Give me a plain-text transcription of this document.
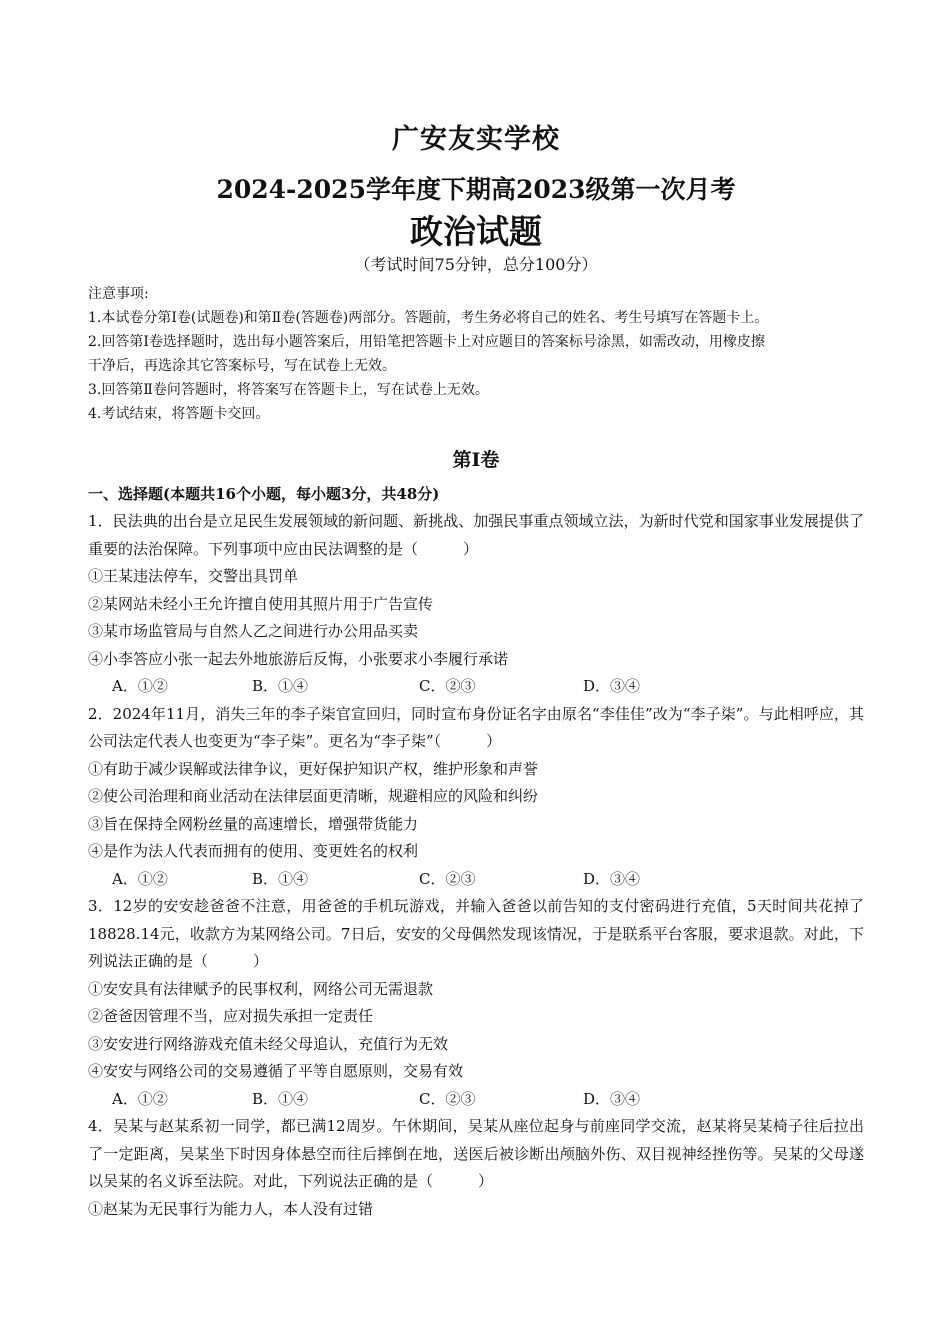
广安友实学校
2024-2025学年度下期高2023级第一次月考
政治试题
（考试时间75分钟，总分100分）
注意事项:
1.本试卷分第Ⅰ卷(试题卷)和第Ⅱ卷(答题卷)两部分。答题前，考生务必将自己的姓名、考生号填写在答题卡上。
2.回答第Ⅰ卷选择题时，选出每小题答案后，用铅笔把答题卡上对应题目的答案标号涂黑，如需改动，用橡皮擦
干净后，再选涂其它答案标号，写在试卷上无效。
3.回答第Ⅱ卷问答题时，将答案写在答题卡上，写在试卷上无效。
4.考试结束，将答题卡交回。
第Ⅰ卷
一、选择题(本题共16个小题，每小题3分，共48分)
1．民法典的出台是立足民生发展领域的新问题、新挑战、加强民事重点领域立法，为新时代党和国家事业发展提供了重要的法治保障。下列事项中应由民法调整的是（　　　）
①王某违法停车，交警出具罚单
②某网站未经小王允许擅自使用其照片用于广告宣传
③某市场监管局与自然人乙之间进行办公用品买卖
④小李答应小张一起去外地旅游后反悔，小张要求小李履行承诺
A．①②	B．①④	C．②③	D．③④
2．2024年11月，消失三年的李子柒官宣回归，同时宣布身份证名字由原名“李佳佳”改为“李子柒”。与此相呼应，其公司法定代表人也变更为“李子柒”。更名为“李子柒”（　　　）
①有助于减少误解或法律争议，更好保护知识产权，维护形象和声誉
②使公司治理和商业活动在法律层面更清晰，规避相应的风险和纠纷
③旨在保持全网粉丝量的高速增长，增强带货能力
④是作为法人代表而拥有的使用、变更姓名的权利
A．①②	B．①④	C．②③	D．③④
3．12岁的安安趁爸爸不注意，用爸爸的手机玩游戏，并输入爸爸以前告知的支付密码进行充值，5天时间共花掉了18828.14元，收款方为某网络公司。7日后，安安的父母偶然发现该情况，于是联系平台客服，要求退款。对此，下列说法正确的是（　　　）
①安安具有法律赋予的民事权利，网络公司无需退款
②爸爸因管理不当，应对损失承担一定责任
③安安进行网络游戏充值未经父母追认，充值行为无效
④安安与网络公司的交易遵循了平等自愿原则，交易有效
A．①②	B．①④	C．②③	D．③④
4．吴某与赵某系初一同学，都已满12周岁。午休期间，吴某从座位起身与前座同学交流，赵某将吴某椅子往后拉出了一定距离，吴某坐下时因身体悬空而往后摔倒在地，送医后被诊断出颅脑外伤、双目视神经挫伤等。吴某的父母遂以吴某的名义诉至法院。对此，下列说法正确的是（　　　）
①赵某为无民事行为能力人，本人没有过错
